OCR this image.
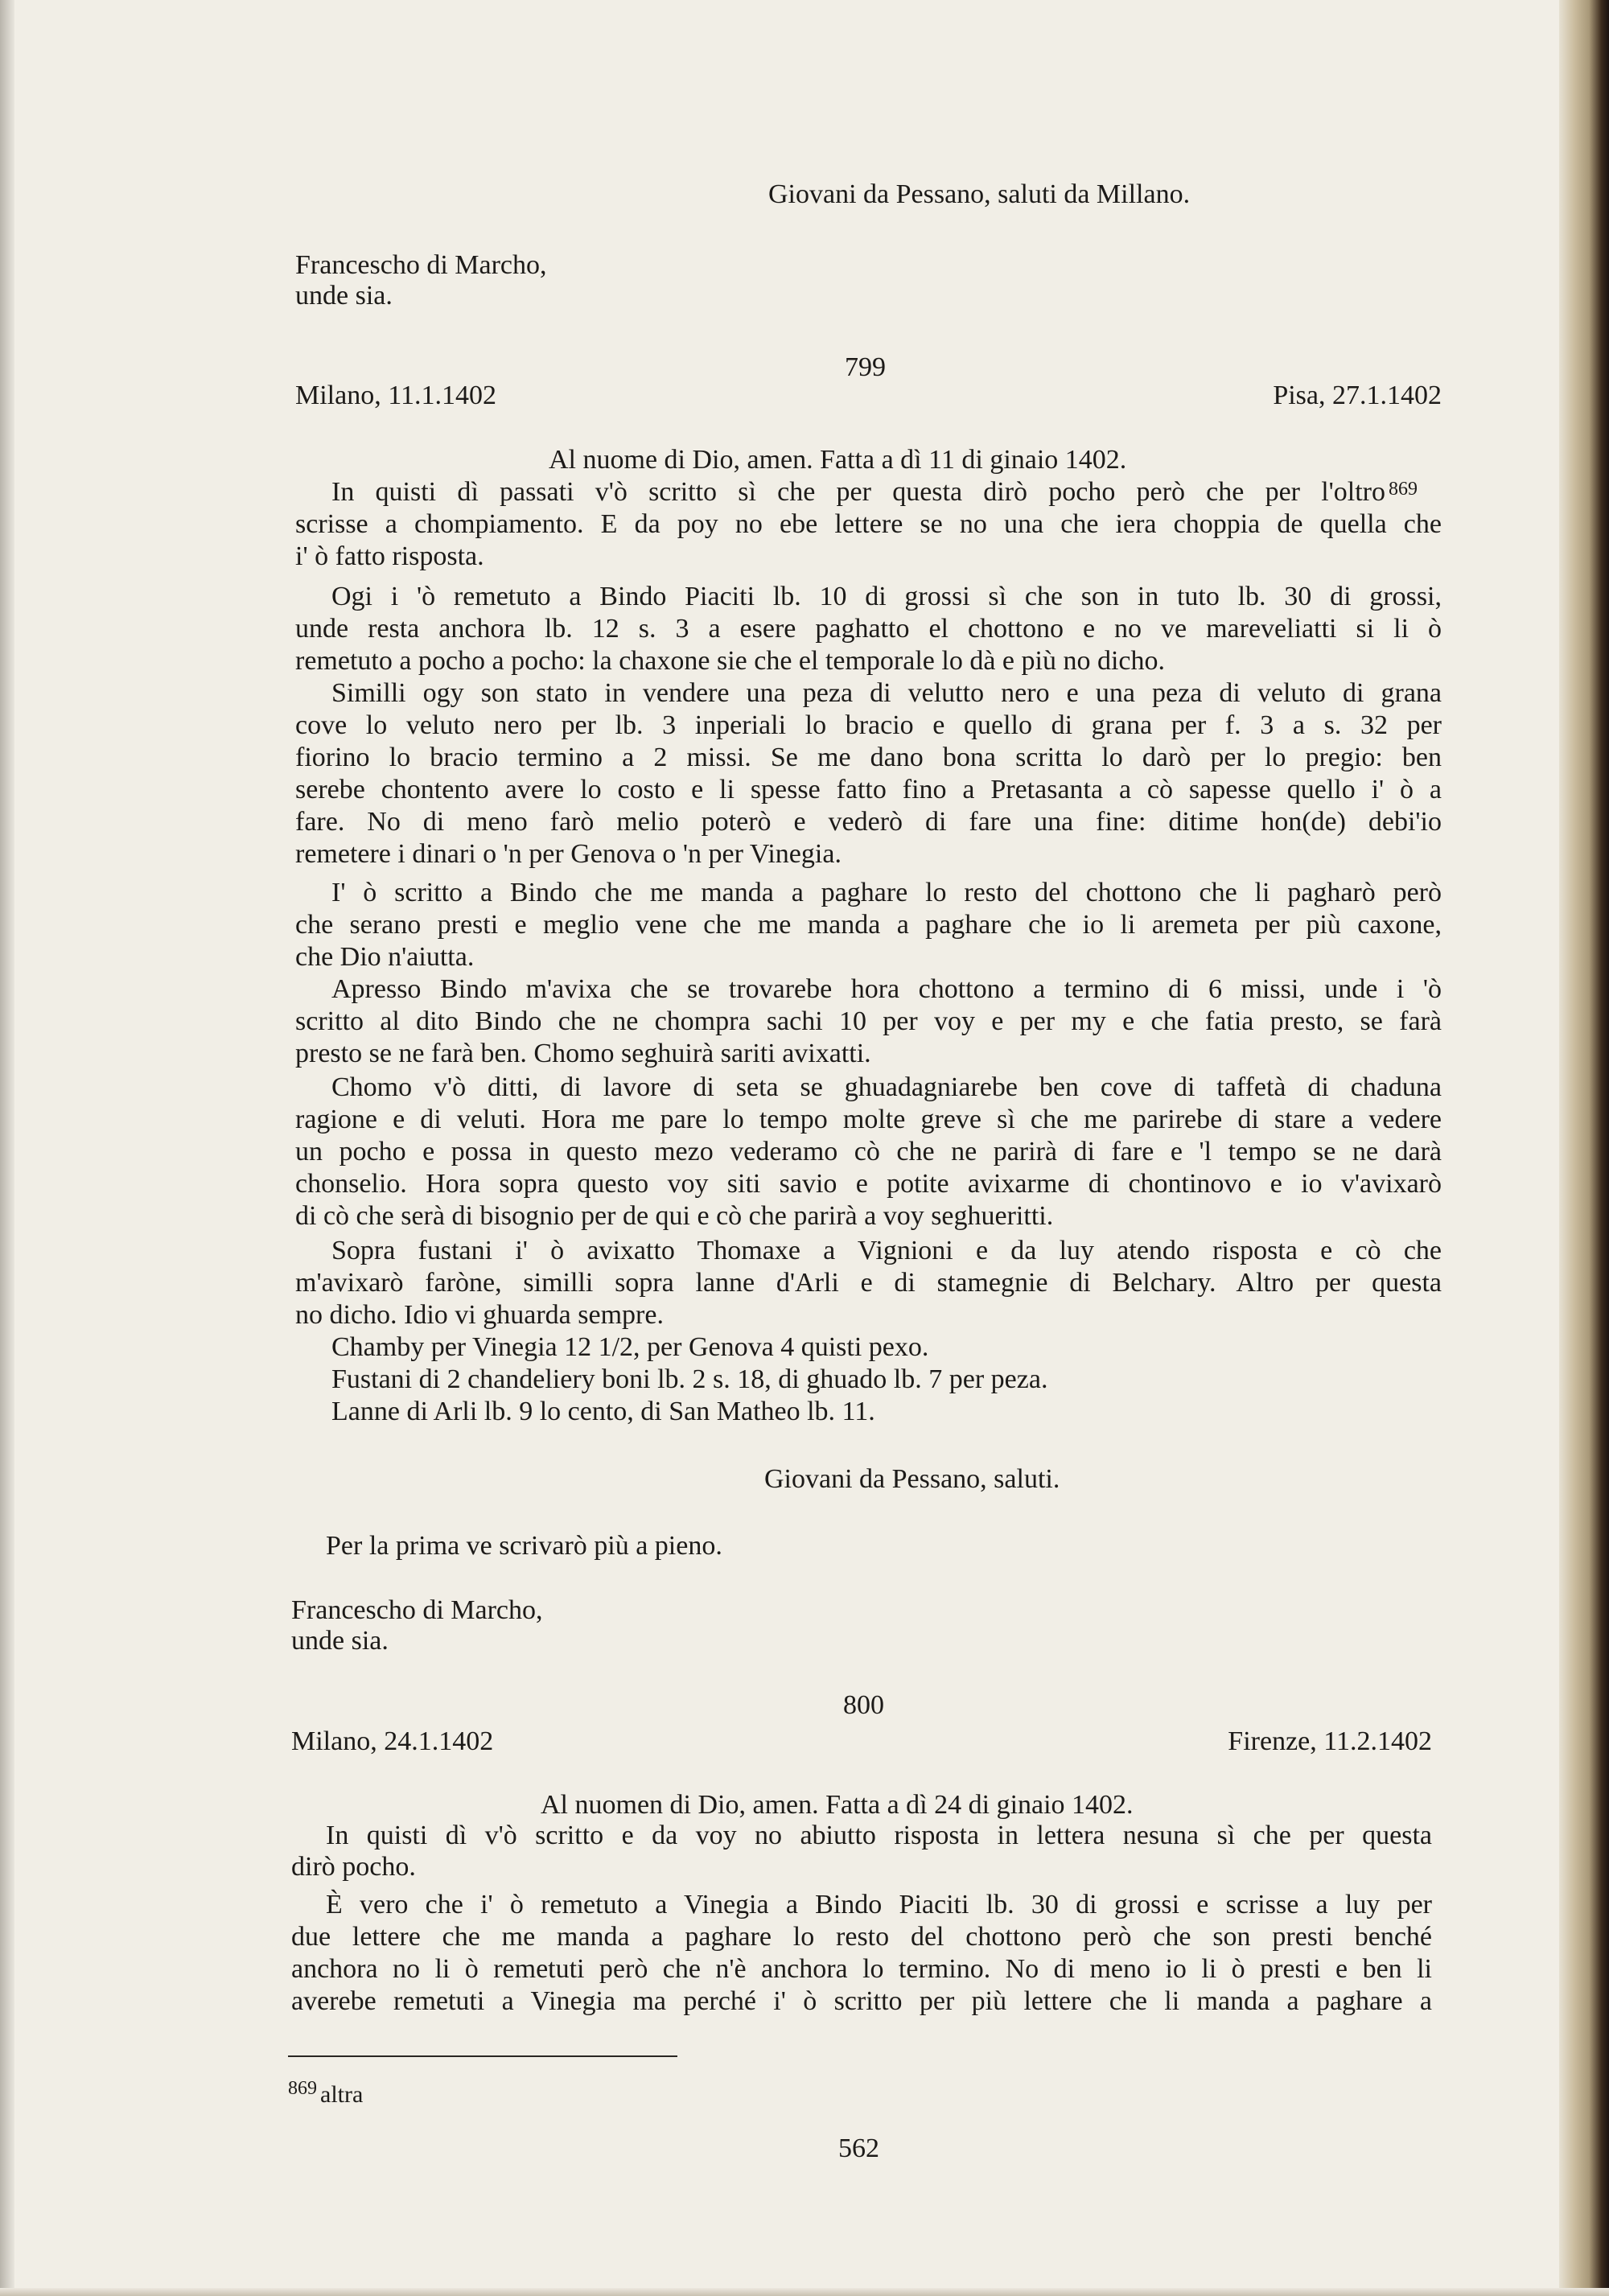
Giovani da Pessano, saluti da Millano.
Francescho di Marcho,
unde sia.
799
Milano, 11.1.1402	Pisa, 27.1.1402
Al nuome di Dio, amen. Fatta a dì 11 di ginaio 1402.
In quisti dì passati v'ò scritto sì che per questa dirò pocho però che per l'oltro 869
scrisse a chompiamento. E da poy no ebe lettere se no una che iera choppia de quella che
i' ò fatto risposta.
Ogi i 'ò remetuto a Bindo Piaciti lb. 10 di grossi sì che son in tuto lb. 30 di grossi,
unde resta anchora lb. 12 s. 3 a esere paghatto el chottono e no ve mareveliatti si li ò
remetuto a pocho a pocho: la chaxone sie che el temporale lo dà e più no dicho.
Similli ogy son stato in vendere una peza di velutto nero e una peza di veluto di grana
cove lo veluto nero per lb. 3 inperiali lo bracio e quello di grana per f. 3 a s. 32 per
fiorino lo bracio termino a 2 missi. Se me dano bona scritta lo darò per lo pregio: ben
serebe chontento avere lo costo e li spesse fatto fino a Pretasanta a cò sapesse quello i' ò a
fare. No di meno farò melio poterò e vederò di fare una fine: ditime hon(de) debi'io
remetere i dinari o 'n per Genova o 'n per Vinegia.
I' ò scritto a Bindo che me manda a paghare lo resto del chottono che li pagharò però
che serano presti e meglio vene che me manda a paghare che io li aremeta per più caxone,
che Dio n'aiutta.
Apresso Bindo m'avixa che se trovarebe hora chottono a termino di 6 missi, unde i 'ò
scritto al dito Bindo che ne chompra sachi 10 per voy e per my e che fatia presto, se farà
presto se ne farà ben. Chomo seghuirà sariti avixatti.
Chomo v'ò ditti, di lavore di seta se ghuadagniarebe ben cove di taffetà di chaduna
ragione e di veluti. Hora me pare lo tempo molte greve sì che me parirebe di stare a vedere
un pocho e possa in questo mezo vederamo cò che ne parirà di fare e 'l tempo se ne darà
chonselio. Hora sopra questo voy siti savio e potite avixarme di chontinovo e io v'avixarò
di cò che serà di bisognio per de qui e cò che parirà a voy seghueritti.
Sopra fustani i' ò avixatto Thomaxe a Vignioni e da luy atendo risposta e cò che
m'avixarò faròne, similli sopra lanne d'Arli e di stamegnie di Belchary. Altro per questa
no dicho. Idio vi ghuarda sempre.
Chamby per Vinegia 12 1/2, per Genova 4 quisti pexo.
Fustani di 2 chandeliery boni lb. 2 s. 18, di ghuado lb. 7 per peza.
Lanne di Arli lb. 9 lo cento, di San Matheo lb. 11.
Giovani da Pessano, saluti.
Per la prima ve scrivarò più a pieno.
Francescho di Marcho,
unde sia.
800
Milano, 24.1.1402	Firenze, 11.2.1402
Al nuomen di Dio, amen. Fatta a dì 24 di ginaio 1402.
In quisti dì v'ò scritto e da voy no abiutto risposta in lettera nesuna sì che per questa
dirò pocho.
È vero che i' ò remetuto a Vinegia a Bindo Piaciti lb. 30 di grossi e scrisse a luy per
due lettere che me manda a paghare lo resto del chottono però che son presti benché
anchora no li ò remetuti però che n'è anchora lo termino. No di meno io li ò presti e ben li
averebe remetuti a Vinegia ma perché i' ò scritto per più lettere che li manda a paghare a
869 altra
562
